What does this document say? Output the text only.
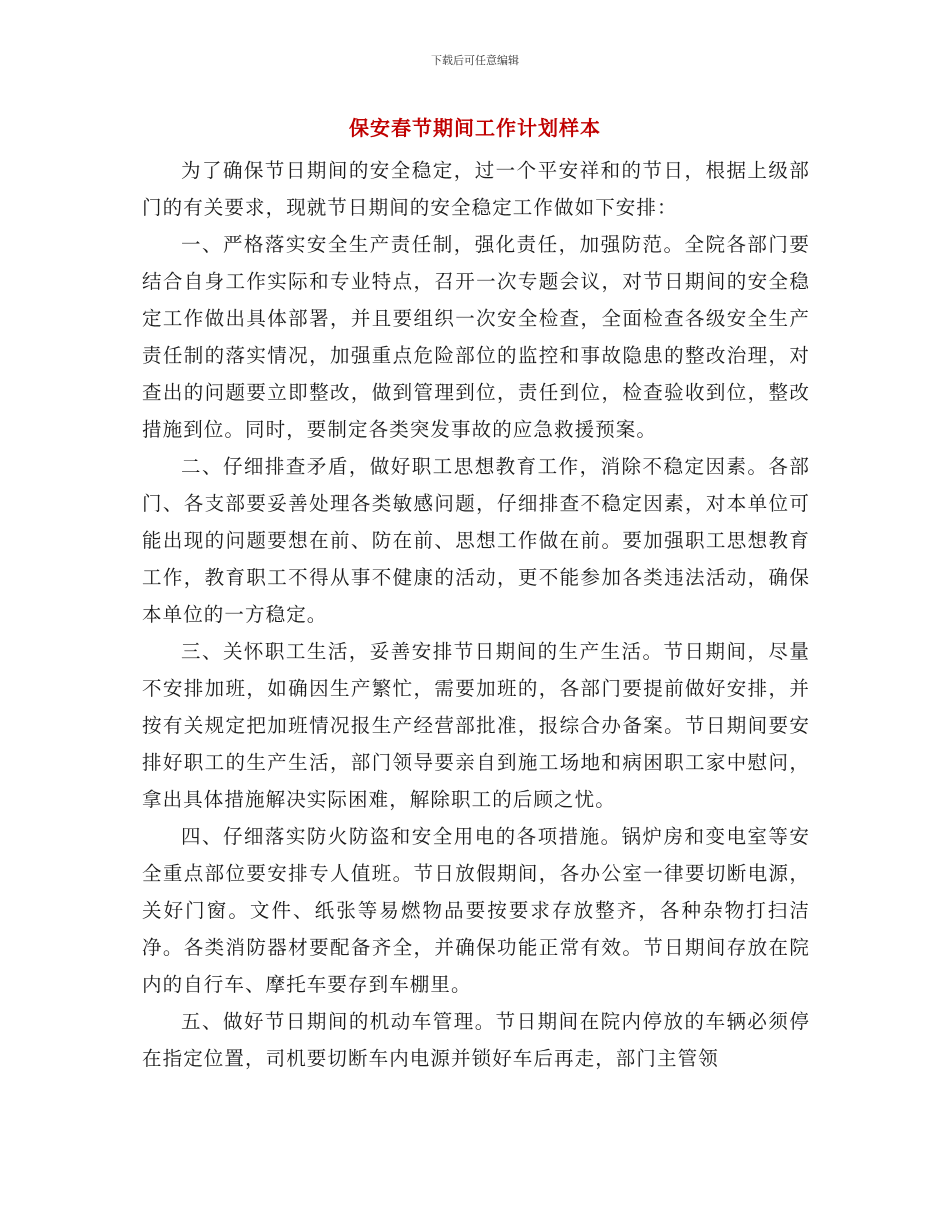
下载后可任意编辑
保安春节期间工作计划样本

为了确保节日期间的安全稳定，过一个平安祥和的节日，根据上级部门的有关要求，现就节日期间的安全稳定工作做如下安排：

一、严格落实安全生产责任制，强化责任，加强防范。全院各部门要结合自身工作实际和专业特点，召开一次专题会议，对节日期间的安全稳定工作做出具体部署，并且要组织一次安全检查，全面检查各级安全生产责任制的落实情况，加强重点危险部位的监控和事故隐患的整改治理，对查出的问题要立即整改，做到管理到位，责任到位，检查验收到位，整改措施到位。同时，要制定各类突发事故的应急救援预案。

二、仔细排查矛盾，做好职工思想教育工作，消除不稳定因素。各部门、各支部要妥善处理各类敏感问题，仔细排查不稳定因素，对本单位可能出现的问题要想在前、防在前、思想工作做在前。要加强职工思想教育工作，教育职工不得从事不健康的活动，更不能参加各类违法活动，确保本单位的一方稳定。

三、关怀职工生活，妥善安排节日期间的生产生活。节日期间，尽量不安排加班，如确因生产繁忙，需要加班的，各部门要提前做好安排，并按有关规定把加班情况报生产经营部批准，报综合办备案。节日期间要安排好职工的生产生活，部门领导要亲自到施工场地和病困职工家中慰问，拿出具体措施解决实际困难，解除职工的后顾之忧。

四、仔细落实防火防盗和安全用电的各项措施。锅炉房和变电室等安全重点部位要安排专人值班。节日放假期间，各办公室一律要切断电源，关好门窗。文件、纸张等易燃物品要按要求存放整齐，各种杂物打扫洁净。各类消防器材要配备齐全，并确保功能正常有效。节日期间存放在院内的自行车、摩托车要存到车棚里。

五、做好节日期间的机动车管理。节日期间在院内停放的车辆必须停在指定位置，司机要切断车内电源并锁好车后再走，部门主管领
